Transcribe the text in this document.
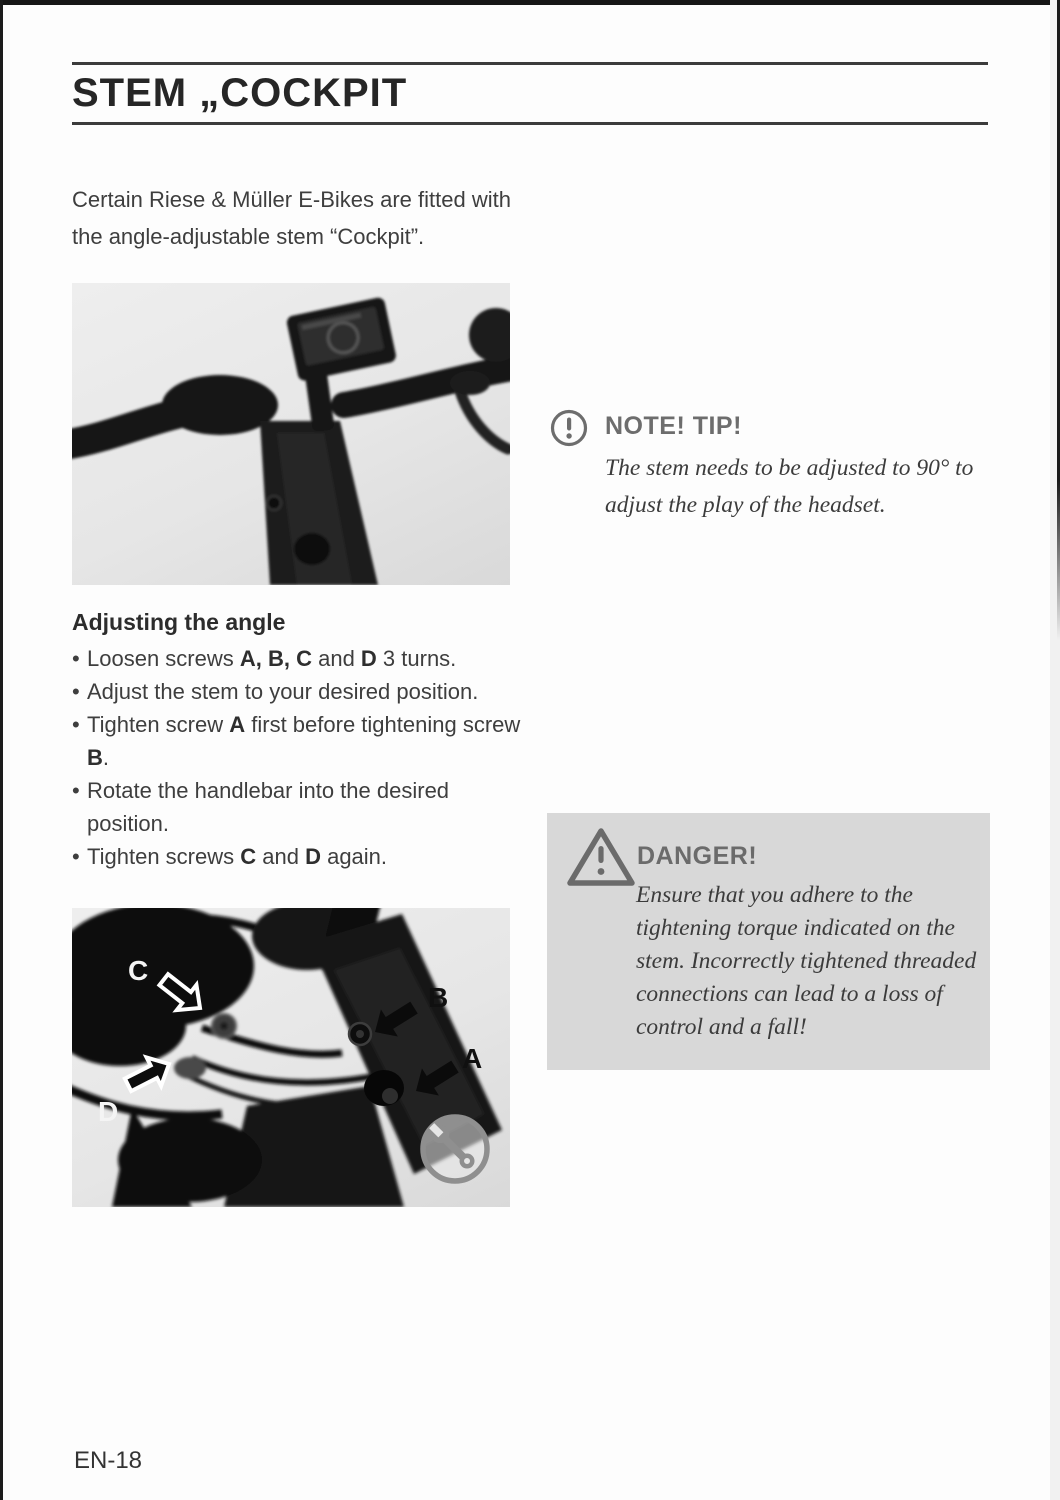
STEM „COCKPIT

Certain Riese & Müller E-Bikes are fitted with the angle-adjustable stem “Cockpit”.

NOTE! TIP!
The stem needs to be adjusted to 90° to adjust the play of the headset.
Adjusting the angle
• Loosen screws A, B, C and D 3 turns.
• Adjust the stem to your desired position.
• Tighten screw A first before tightening screw B.
• Rotate the handlebar into the desired position.
• Tighten screws C and D again.	DANGER!
Ensure that you adhere to the tightening torque indicated on the stem. Incorrectly tightened threaded connections can lead to a loss of control and a fall!
C
D
B
A
EN-18
